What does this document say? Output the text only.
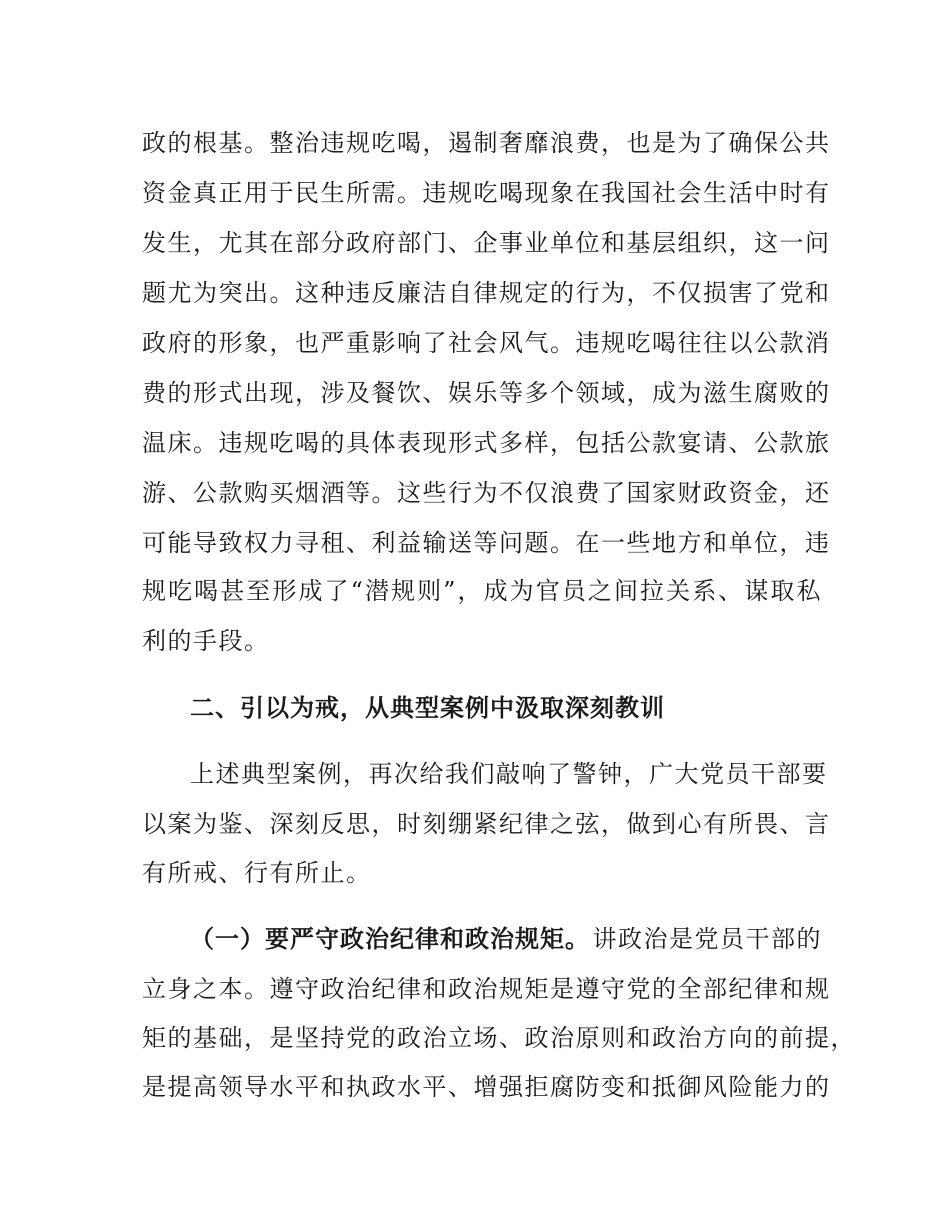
政的根基。整治违规吃喝，遏制奢靡浪费，也是为了确保公共
资金真正用于民生所需。违规吃喝现象在我国社会生活中时有
发生，尤其在部分政府部门、企事业单位和基层组织，这一问
题尤为突出。这种违反廉洁自律规定的行为，不仅损害了党和
政府的形象，也严重影响了社会风气。违规吃喝往往以公款消
费的形式出现，涉及餐饮、娱乐等多个领域，成为滋生腐败的
温床。违规吃喝的具体表现形式多样，包括公款宴请、公款旅
游、公款购买烟酒等。这些行为不仅浪费了国家财政资金，还
可能导致权力寻租、利益输送等问题。在一些地方和单位，违
规吃喝甚至形成了“潜规则”，成为官员之间拉关系、谋取私
利的手段。
二、引以为戒，从典型案例中汲取深刻教训
上述典型案例，再次给我们敲响了警钟，广大党员干部要
以案为鉴、深刻反思，时刻绷紧纪律之弦，做到心有所畏、言
有所戒、行有所止。
（一）要严守政治纪律和政治规矩。 讲政治是党员干部的
立身之本。遵守政治纪律和政治规矩是遵守党的全部纪律和规
矩的基础，是坚持党的政治立场、政治原则和政治方向的前提，
是提高领导水平和执政水平、增强拒腐防变和抵御风险能力的
